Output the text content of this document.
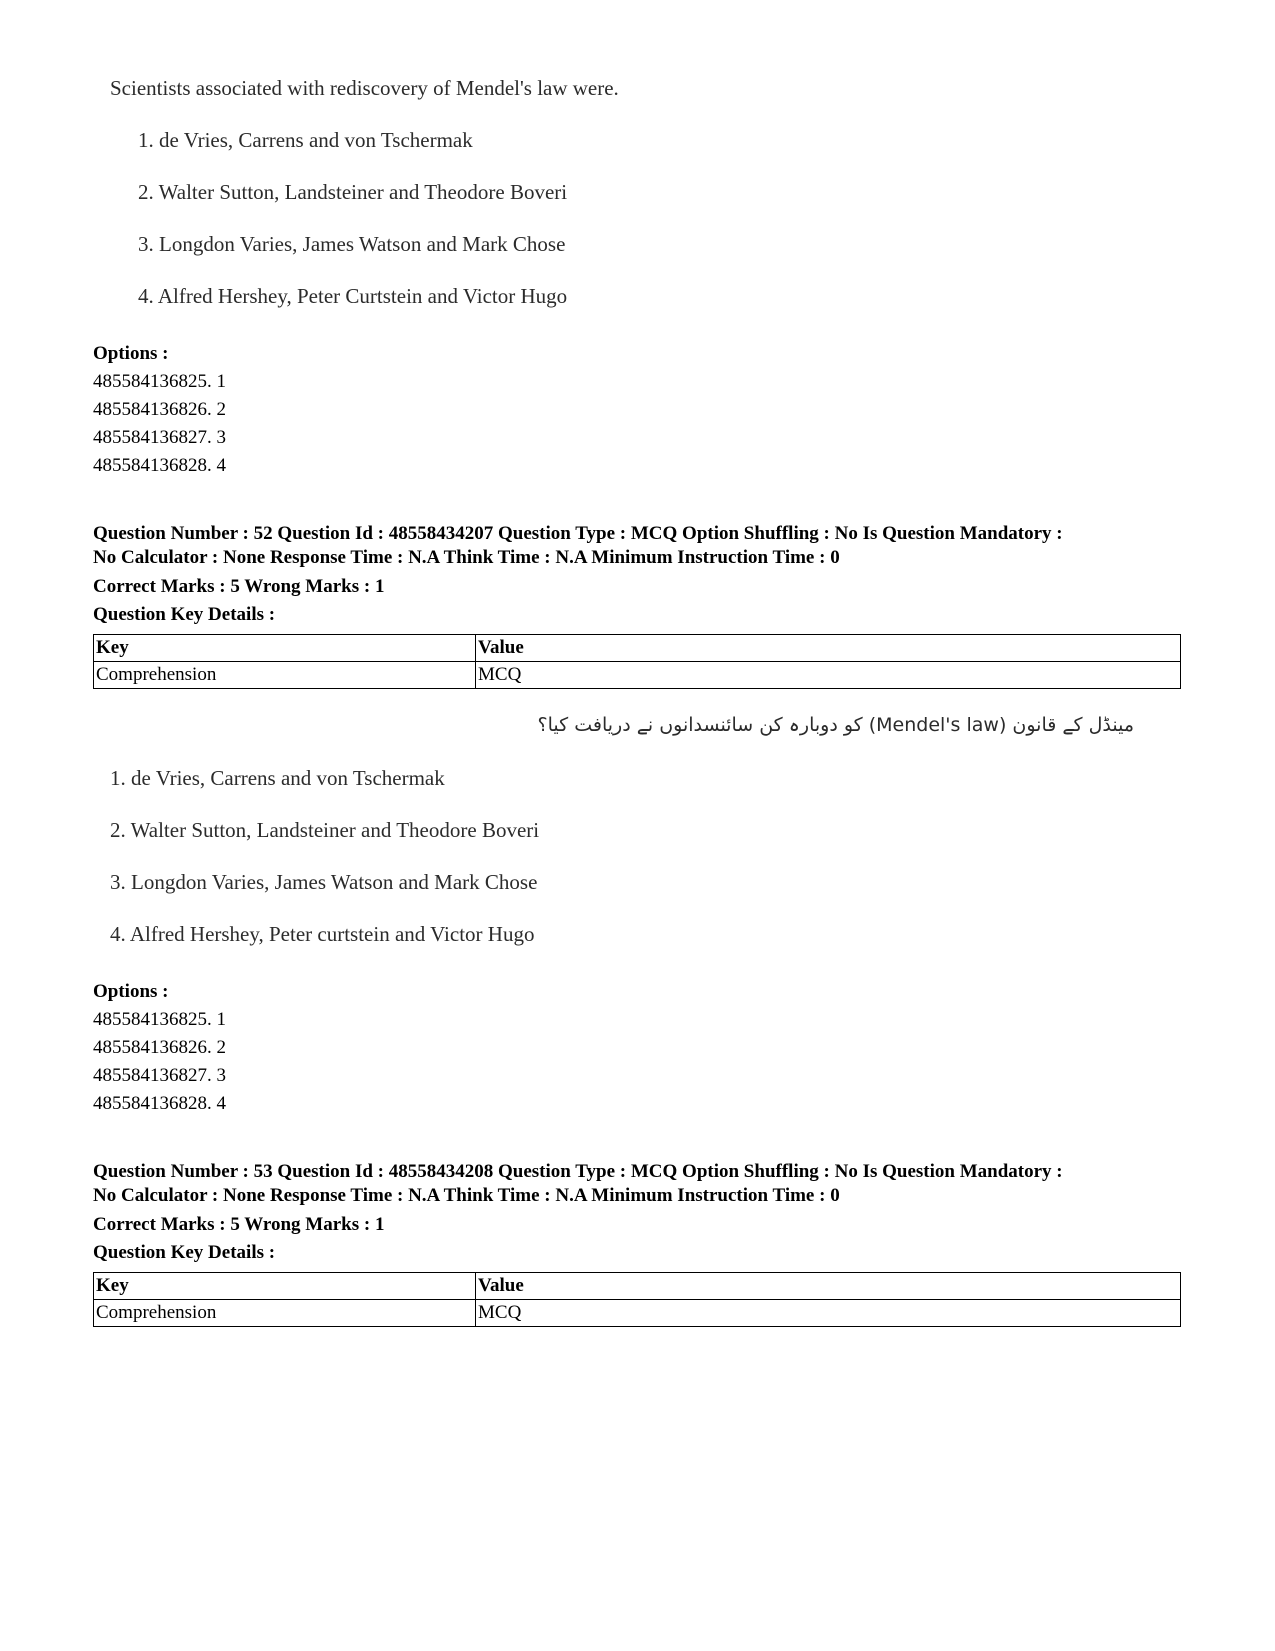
Scientists associated with rediscovery of Mendel's law were.
1. de Vries, Carrens and von Tschermak
2. Walter Sutton, Landsteiner and Theodore Boveri
3. Longdon Varies, James Watson and Mark Chose
4. Alfred Hershey, Peter Curtstein and Victor Hugo
Options :
485584136825. 1
485584136826. 2
485584136827. 3
485584136828. 4
Question Number : 52 Question Id : 48558434207 Question Type : MCQ Option Shuffling : No Is Question Mandatory :
No Calculator : None Response Time : N.A Think Time : N.A Minimum Instruction Time : 0
Correct Marks : 5 Wrong Marks : 1
Question Key Details :
Key	Value
Comprehension	MCQ
مینڈل کے قانون (Mendel's law) کو دوبارہ کن سائنسدانوں نے دریافت کیا؟
1. de Vries, Carrens and von Tschermak
2. Walter Sutton, Landsteiner and Theodore Boveri
3. Longdon Varies, James Watson and Mark Chose
4. Alfred Hershey, Peter curtstein and Victor Hugo
Options :
485584136825. 1
485584136826. 2
485584136827. 3
485584136828. 4
Question Number : 53 Question Id : 48558434208 Question Type : MCQ Option Shuffling : No Is Question Mandatory :
No Calculator : None Response Time : N.A Think Time : N.A Minimum Instruction Time : 0
Correct Marks : 5 Wrong Marks : 1
Question Key Details :
Key	Value
Comprehension	MCQ
